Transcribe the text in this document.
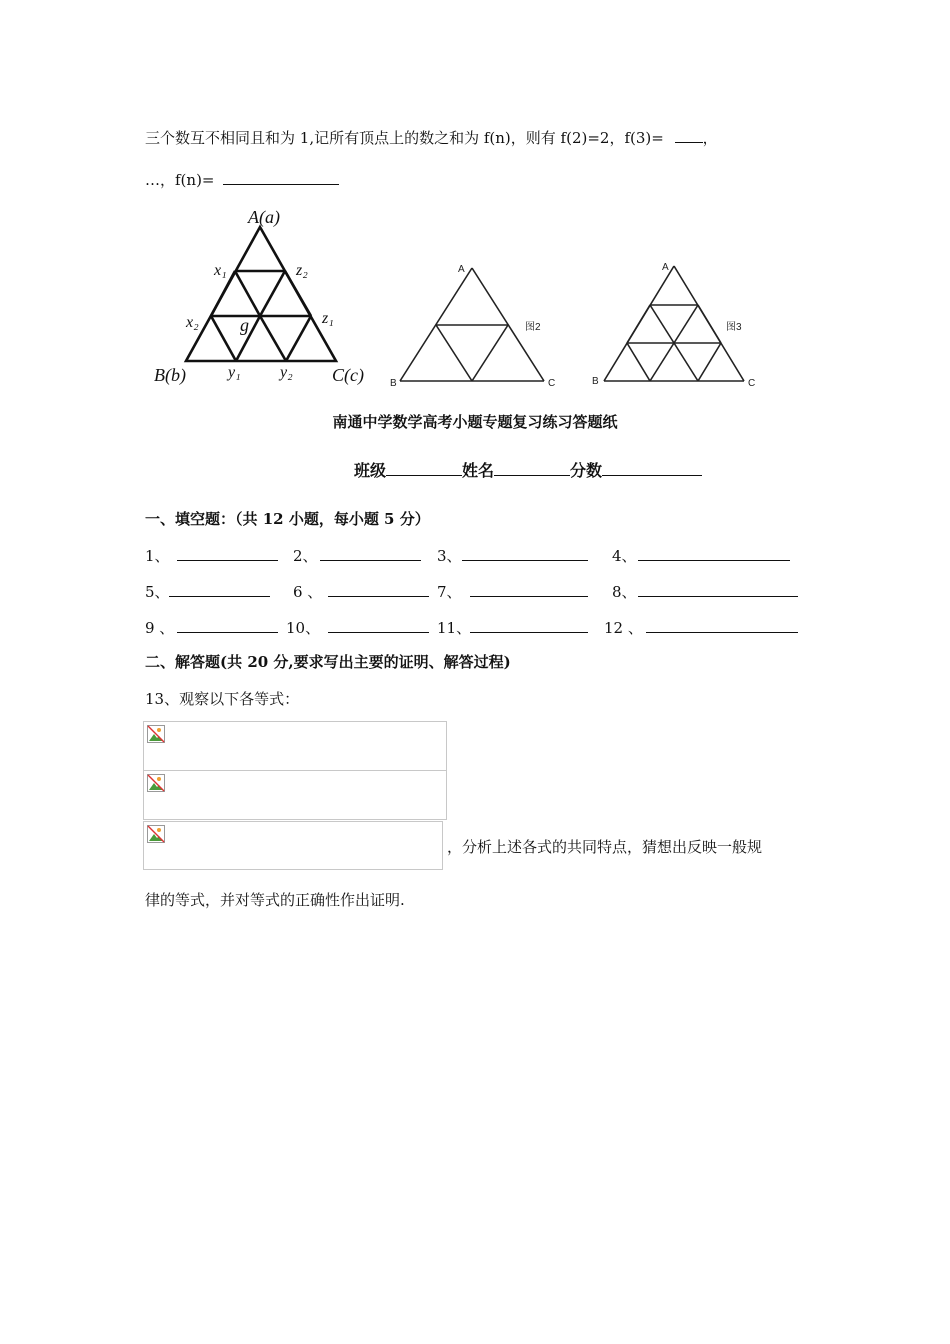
三个数互不相同且和为 1,记所有顶点上的数之和为 f(n)，则有 f(2)=2，f(3)=	，
…，f(n)=
A(a)
x₁	z₂
x₂	z₁
g
B(b)	y₁ y₂ C(c)
A
B	C
图2
A
B	C
图3
南通中学数学高考小题专题复习练习答题纸
班级	姓名	分数
一、填空题：（共 12 小题，每小题 5 分）
1、	2、	3、	4、
5、	6 、	7、	8、
9 、	10、	11、	12 、
二、解答题(共 20 分,要求写出主要的证明、解答过程)
13、观察以下各等式：
，分析上述各式的共同特点，猜想出反映一般规
律的等式，并对等式的正确性作出证明.
